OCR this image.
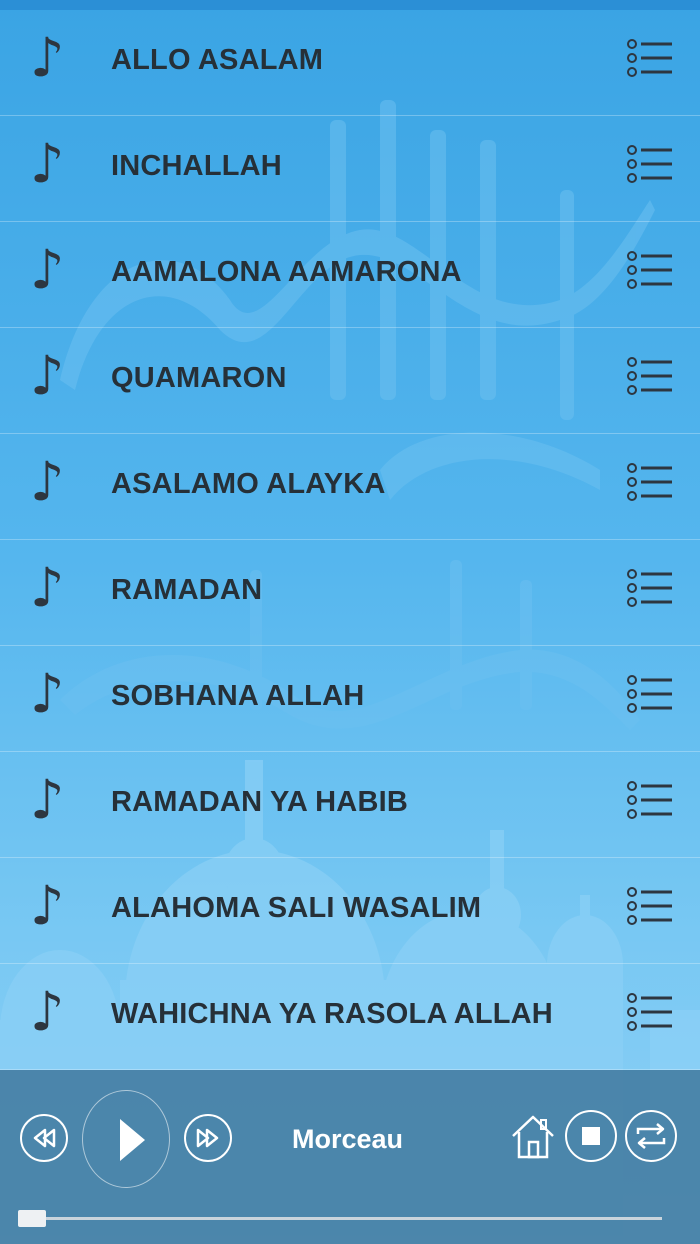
♪ ALLO ASALAM
♪ INCHALLAH
♪ AAMALONA AAMARONA
♪ QUAMARON
♪ ASALAMO ALAYKA
♪ RAMADAN
♪ SOBHANA ALLAH
♪ RAMADAN YA HABIB
♪ ALAHOMA SALI WASALIM
♪ WAHICHNA YA RASOLA ALLAH
Morceau
